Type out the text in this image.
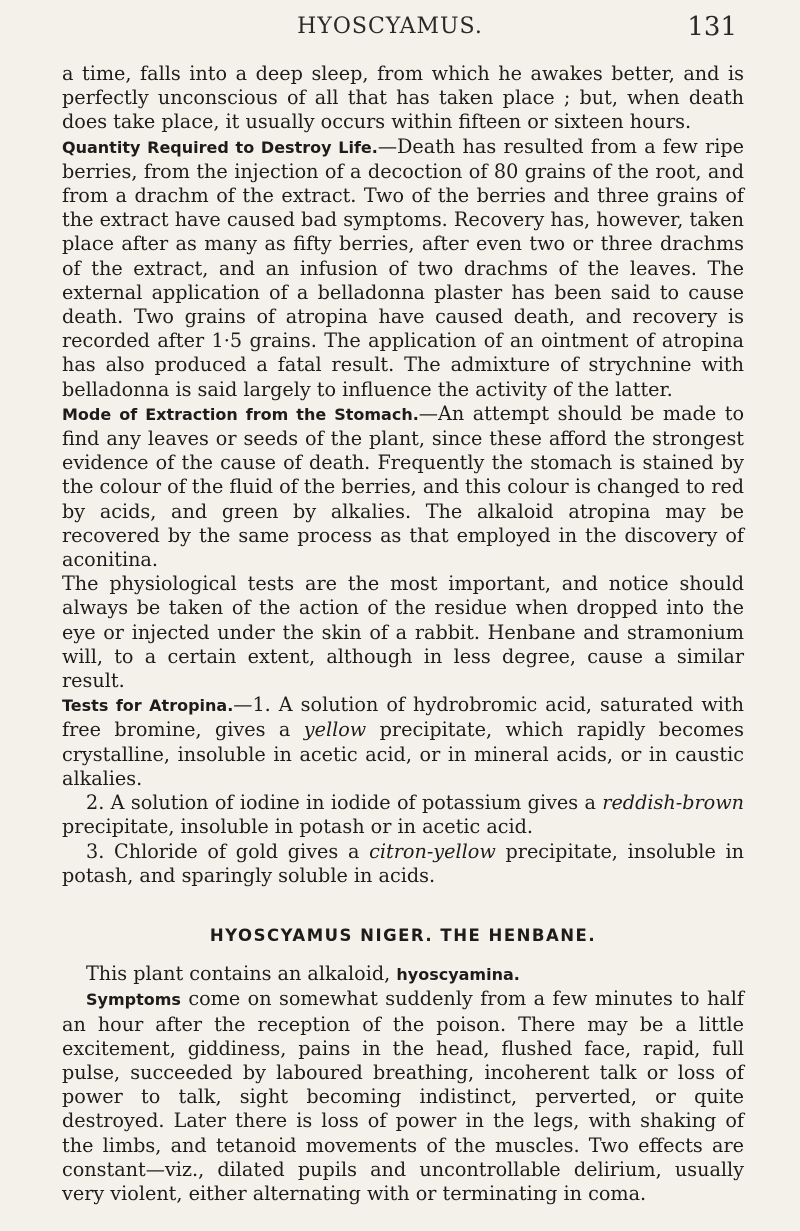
HYOSCYAMUS.	131

a time, falls into a deep sleep, from which he awakes better, and is perfectly unconscious of all that has taken place ; but, when death does take place, it usually occurs within fifteen or sixteen hours.

Quantity Required to Destroy Life.—Death has resulted from a few ripe berries, from the injection of a decoction of 80 grains of the root, and from a drachm of the extract. Two of the berries and three grains of the extract have caused bad symptoms. Recovery has, however, taken place after as many as fifty berries, after even two or three drachms of the extract, and an infusion of two drachms of the leaves. The external application of a belladonna plaster has been said to cause death. Two grains of atropina have caused death, and recovery is recorded after 1·5 grains. The application of an ointment of atropina has also produced a fatal result. The admixture of strychnine with belladonna is said largely to influence the activity of the latter.

Mode of Extraction from the Stomach.—An attempt should be made to find any leaves or seeds of the plant, since these afford the strongest evidence of the cause of death. Frequently the stomach is stained by the colour of the fluid of the berries, and this colour is changed to red by acids, and green by alkalies. The alkaloid atropina may be recovered by the same process as that employed in the discovery of aconitina.

The physiological tests are the most important, and notice should always be taken of the action of the residue when dropped into the eye or injected under the skin of a rabbit. Henbane and stramonium will, to a certain extent, although in less degree, cause a similar result.

Tests for Atropina.—1. A solution of hydrobromic acid, saturated with free bromine, gives a yellow precipitate, which rapidly becomes crystalline, insoluble in acetic acid, or in mineral acids, or in caustic alkalies.

2. A solution of iodine in iodide of potassium gives a reddish-brown precipitate, insoluble in potash or in acetic acid.

3. Chloride of gold gives a citron-yellow precipitate, insoluble in potash, and sparingly soluble in acids.

HYOSCYAMUS NIGER. THE HENBANE.

This plant contains an alkaloid, hyoscyamina.

Symptoms come on somewhat suddenly from a few minutes to half an hour after the reception of the poison. There may be a little excitement, giddiness, pains in the head, flushed face, rapid, full pulse, succeeded by laboured breathing, incoherent talk or loss of power to talk, sight becoming indistinct, perverted, or quite destroyed. Later there is loss of power in the legs, with shaking of the limbs, and tetanoid movements of the muscles. Two effects are constant—viz., dilated pupils and uncontrollable delirium, usually very violent, either alternating with or terminating in coma.
